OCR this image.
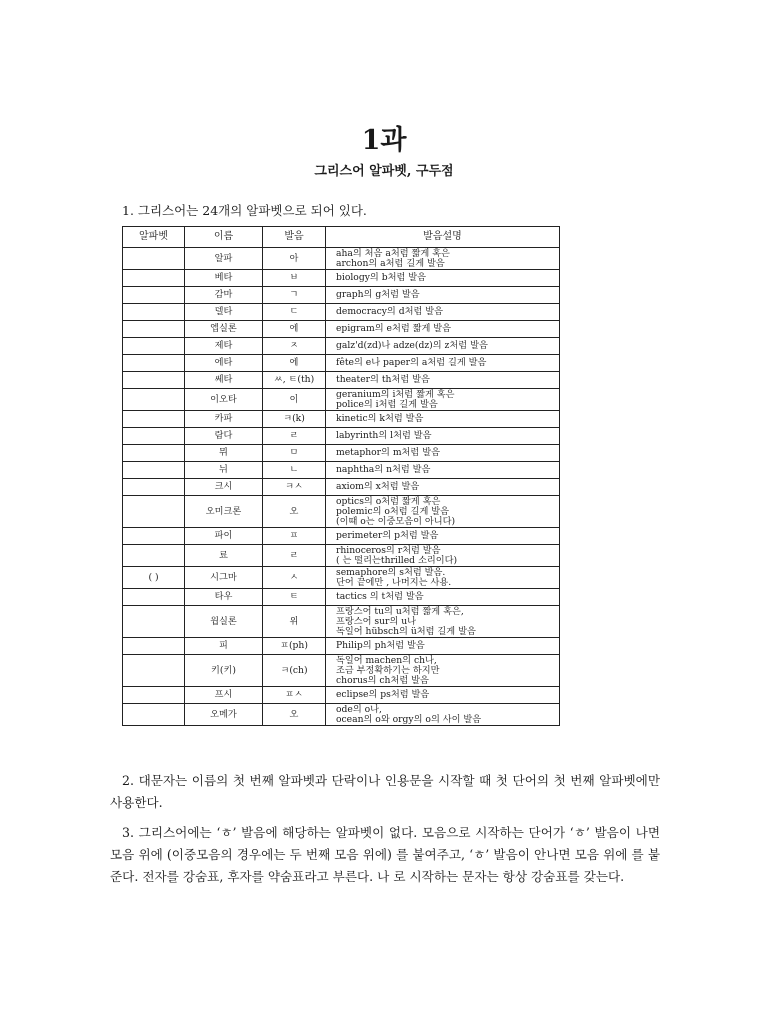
1과
그리스어 알파벳, 구두점
1. 그리스어는 24개의 알파벳으로 되어 있다.
알파벳	이름	발음	발음설명
	알파	아	aha의 처음 a처럼 짧게 혹은
archon의 a처럼 길게 발음

	베타	ㅂ	biology의 b처럼 발음

	감마	ㄱ	graph의 g처럼 발음

	델타	ㄷ	democracy의 d처럼 발음

	엡실론	에	epigram의 e처럼 짧게 발음

	제타	ㅈ	galz'd(zd)나 adze(dz)의 z처럼 발음

	에타	에	fête의 e나 paper의 a처럼 길게 발음

	쎄타	ㅆ, ㅌ(th)	theater의 th처럼 발음

	이오타	이	geranium의 i처럼 짧게 혹은
police의 i처럼 길게 발음

	카파	ㅋ(k)	kinetic의 k처럼 발음

	람다	ㄹ	labyrinth의 l처럼 발음

	뮈	ㅁ	metaphor의 m처럼 발음

	뉘	ㄴ	naphtha의 n처럼 발음

	크시	ㅋㅅ	axiom의 x처럼 발음

	오미크론	오	optics의 o처럼 짧게 혹은
polemic의 o처럼 길게 발음
(이때 o는 이중모음이 아니다)

	파이	ㅍ	perimeter의 p처럼 발음

	료	ㄹ	rhinoceros의 r처럼 발음
( 는 떨리는thrilled 소리이다)

( )	시그마	ㅅ	semaphore의 s처럼 발음.
단어 끝에만 , 나머지는 사용.

	타우	ㅌ	tactics 의 t처럼 발음

	윕실론	위	프랑스어 tu의 u처럼 짧게 혹은,
프랑스어 sur의 u나
독일어 hübsch의 ü처럼 길게 발음

	피	ㅍ(ph)	Philip의 ph처럼 발음

	키(키)	ㅋ(ch)	독일어 machen의 ch나,
조금 부정확하기는 하지만
chorus의 ch처럼 발음

	프시	ㅍㅅ	eclipse의 ps처럼 발음

	오메가	오	ode의 o나,
ocean의 o와 orgy의 o의 사이 발음
2. 대문자는 이름의 첫 번째 알파벳과 단락이나 인용문을 시작할 때 첫 단어의 첫 번째 알파벳에만 사용한다.
3. 그리스어에는 ‘ㅎ’ 발음에 해당하는 알파벳이 없다. 모음으로 시작하는 단어가 ‘ㅎ’ 발음이 나면 모음 위에 (이중모음의 경우에는 두 번째 모음 위에) 를 붙여주고, ‘ㅎ’ 발음이 안나면 모음 위에 를 붙준다. 전자를 강숨표, 후자를 약숨표라고 부른다. 나 로 시작하는 문자는 항상 강숨표를 갖는다.
